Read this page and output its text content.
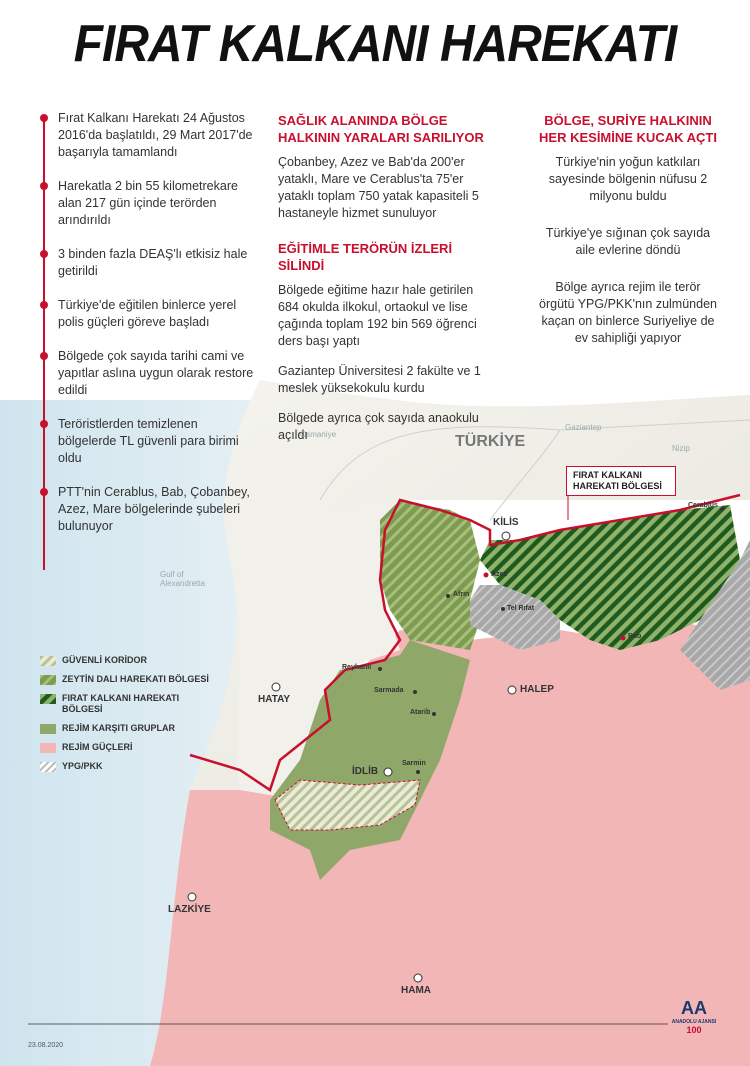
FIRAT KALKANI HAREKATI
Fırat Kalkanı Harekatı 24 Ağustos 2016'da başlatıldı, 29 Mart 2017'de başarıyla tamamlandı
Harekatla 2 bin 55 kilometrekare alan 217 gün içinde terörden arındırıldı
3 binden fazla DEAŞ'lı etkisiz hale getirildi
Türkiye'de eğitilen binlerce yerel polis güçleri göreve başladı
Bölgede çok sayıda tarihi cami ve yapıtlar aslına uygun olarak restore edildi
Teröristlerden temizlenen bölgelerde TL güvenli para birimi oldu
PTT'nin Cerablus, Bab, Çobanbey, Azez, Mare bölgelerinde şubeleri bulunuyor
SAĞLIK ALANINDA BÖLGE HALKININ YARALARI SARILIYOR

Çobanbey, Azez ve Bab'da 200'er yataklı, Mare ve Cerablus'ta 75'er yataklı toplam 750 yatak kapasiteli 5 hastaneyle hizmet sunuluyor

EĞİTİMLE TERÖRÜN İZLERİ SİLİNDİ

Bölgede eğitime hazır hale getirilen 684 okulda ilkokul, ortaokul ve lise çağında toplam 192 bin 569 öğrenci ders başı yaptı

Gaziantep Üniversitesi 2 fakülte ve 1 meslek yüksekokulu kurdu

Bölgede ayrıca çok sayıda anaokulu açıldı

BÖLGE, SURİYE HALKININ HER KESİMİNE KUCAK AÇTI

Türkiye'nin yoğun katkıları sayesinde bölgenin nüfusu 2 milyonu buldu

Türkiye'ye sığınan çok sayıda aile evlerine döndü

Bölge ayrıca rejim ile terör örgütü YPG/PKK'nın zulmünden kaçan on binlerce Suriyeliye de ev sahipliği yapıyor

GÜVENLİ KORİDOR
ZEYTİN DALI HAREKATI BÖLGESİ
FIRAT KALKANI HAREKATI BÖLGESİ
REJİM KARŞITI GRUPLAR
REJİM GÜÇLERİ
YPG/PKK
TÜRKİYE
Gaziantep
Nizip
Osmaniye
Gulf of Alexandretta
KİLİS
Azez
Afrin
Tel Rıfat
Bab
Cerablus
HALEP
HATAY
Reyhanlı
Sarmada
Atarib
İDLİB
Sarmin
LAZKİYE
HAMA
FIRAT KALKANI HAREKATI BÖLGESİ
23.08.2020
AA
ANADOLU AJANSI
100
